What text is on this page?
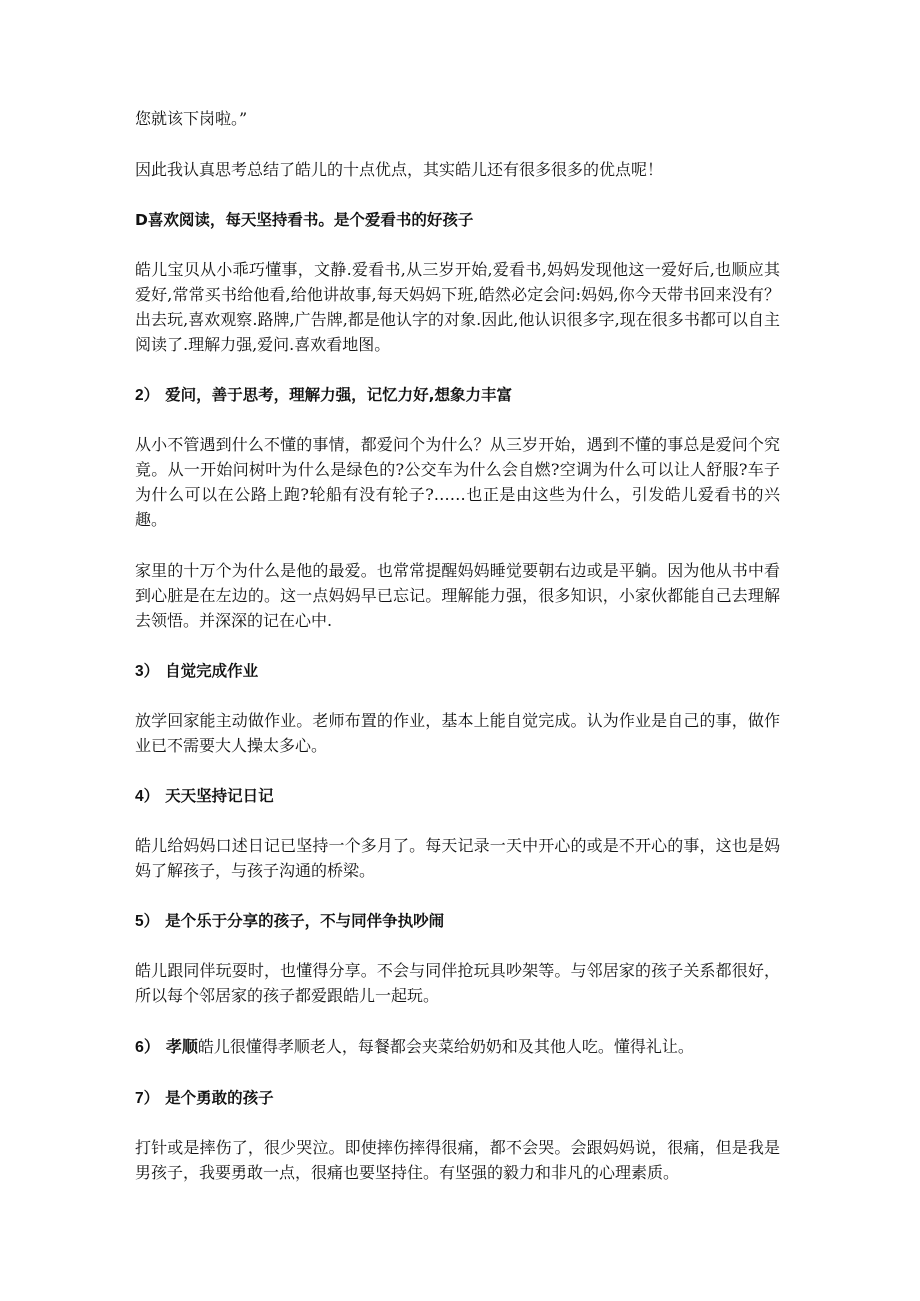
您就该下岗啦。”

因此我认真思考总结了皓儿的十点优点，其实皓儿还有很多很多的优点呢！

D喜欢阅读，每天坚持看书。是个爱看书的好孩子

皓儿宝贝从小乖巧懂事，文静.爱看书,从三岁开始,爱看书,妈妈发现他这一爱好后,也顺应其爱好,常常买书给他看,给他讲故事,每天妈妈下班,皓然必定会问:妈妈,你今天带书回来没有？出去玩,喜欢观察.路牌,广告牌,都是他认字的对象.因此,他认识很多字,现在很多书都可以自主阅读了.理解力强,爱问.喜欢看地图。

2） 爱问，善于思考，理解力强，记忆力好,想象力丰富

从小不管遇到什么不懂的事情，都爱问个为什么？从三岁开始，遇到不懂的事总是爱问个究竟。从一开始问树叶为什么是绿色的?公交车为什么会自燃?空调为什么可以让人舒服?车子为什么可以在公路上跑?轮船有没有轮子?……也正是由这些为什么，引发皓儿爱看书的兴趣。

家里的十万个为什么是他的最爱。也常常提醒妈妈睡觉要朝右边或是平躺。因为他从书中看到心脏是在左边的。这一点妈妈早已忘记。理解能力强，很多知识，小家伙都能自己去理解去领悟。并深深的记在心中.

3） 自觉完成作业

放学回家能主动做作业。老师布置的作业，基本上能自觉完成。认为作业是自己的事，做作业已不需要大人操太多心。

4） 天天坚持记日记

皓儿给妈妈口述日记已坚持一个多月了。每天记录一天中开心的或是不开心的事，这也是妈妈了解孩子，与孩子沟通的桥梁。

5） 是个乐于分享的孩子，不与同伴争执吵闹

皓儿跟同伴玩耍时，也懂得分享。不会与同伴抢玩具吵架等。与邻居家的孩子关系都很好，所以每个邻居家的孩子都爱跟皓儿一起玩。

6） 孝顺皓儿很懂得孝顺老人，每餐都会夹菜给奶奶和及其他人吃。懂得礼让。

7） 是个勇敢的孩子

打针或是摔伤了，很少哭泣。即使摔伤摔得很痛，都不会哭。会跟妈妈说，很痛，但是我是男孩子，我要勇敢一点，很痛也要坚持住。有坚强的毅力和非凡的心理素质。
